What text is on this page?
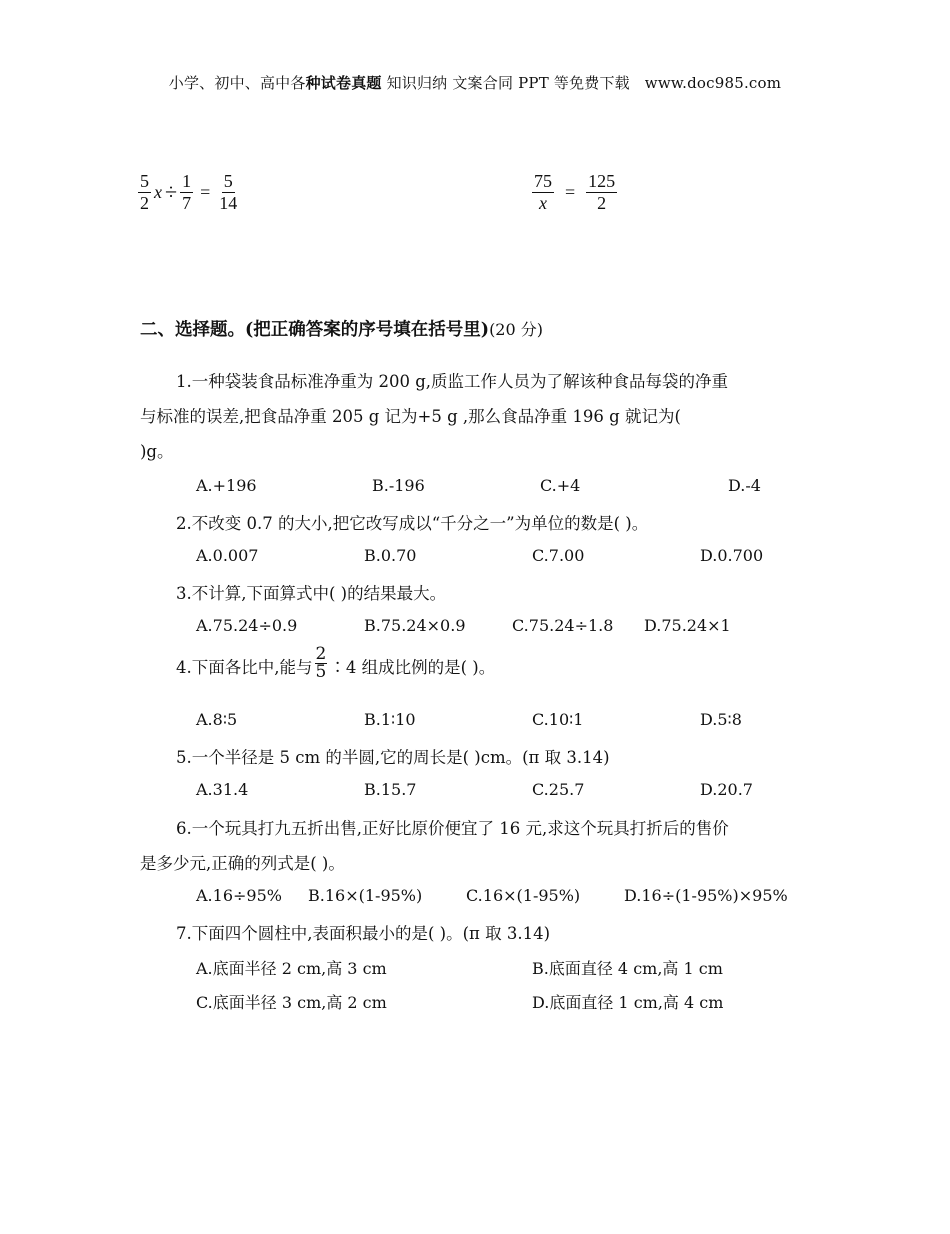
小学、初中、高中各种试卷真题 知识归纳 文案合同 PPT 等免费下载 www.doc985.com
$\frac{5}{2}$ $x \div \frac{1}{7} = \frac{5}{14}$	$\frac{75}{x} = \frac{125}{2}$
二、选择题。(把正确答案的序号填在括号里)(20 分)
1.一种袋装食品标准净重为 200 g,质监工作人员为了解该种食品每袋的净重
与标准的误差,把食品净重 205 g 记为+5 g ,那么食品净重 196 g 就记为(
)g。
A.+196	B.-196	C.+4	D.-4
2.不改变 0.7 的大小,把它改写成以“千分之一”为单位的数是( )。
A.0.007	B.0.70	C.7.00	D.0.700
3.不计算,下面算式中( )的结果最大。
A.75.24÷0.9	B.75.24×0.9	C.75.24÷1.8 D.75.24×1
4.下面各比中,能与 $\frac{2}{5}$ ∶4 组成比例的是( )。
A.8∶5	B.1∶10	C.10∶1	D.5∶8
5.一个半径是 5 cm 的半圆,它的周长是( )cm。(π 取 3.14)
A.31.4	B.15.7	C.25.7	D.20.7
6.一个玩具打九五折出售,正好比原价便宜了 16 元,求这个玩具打折后的售价
是多少元,正确的列式是( )。
A.16÷95% B.16×(1-95%)	C.16×(1-95%)	D.16÷(1-95%)×95%
7.下面四个圆柱中,表面积最小的是( )。(π 取 3.14)
A.底面半径 2 cm,高 3 cm	B.底面直径 4 cm,高 1 cm
C.底面半径 3 cm,高 2 cm	D.底面直径 1 cm,高 4 cm
